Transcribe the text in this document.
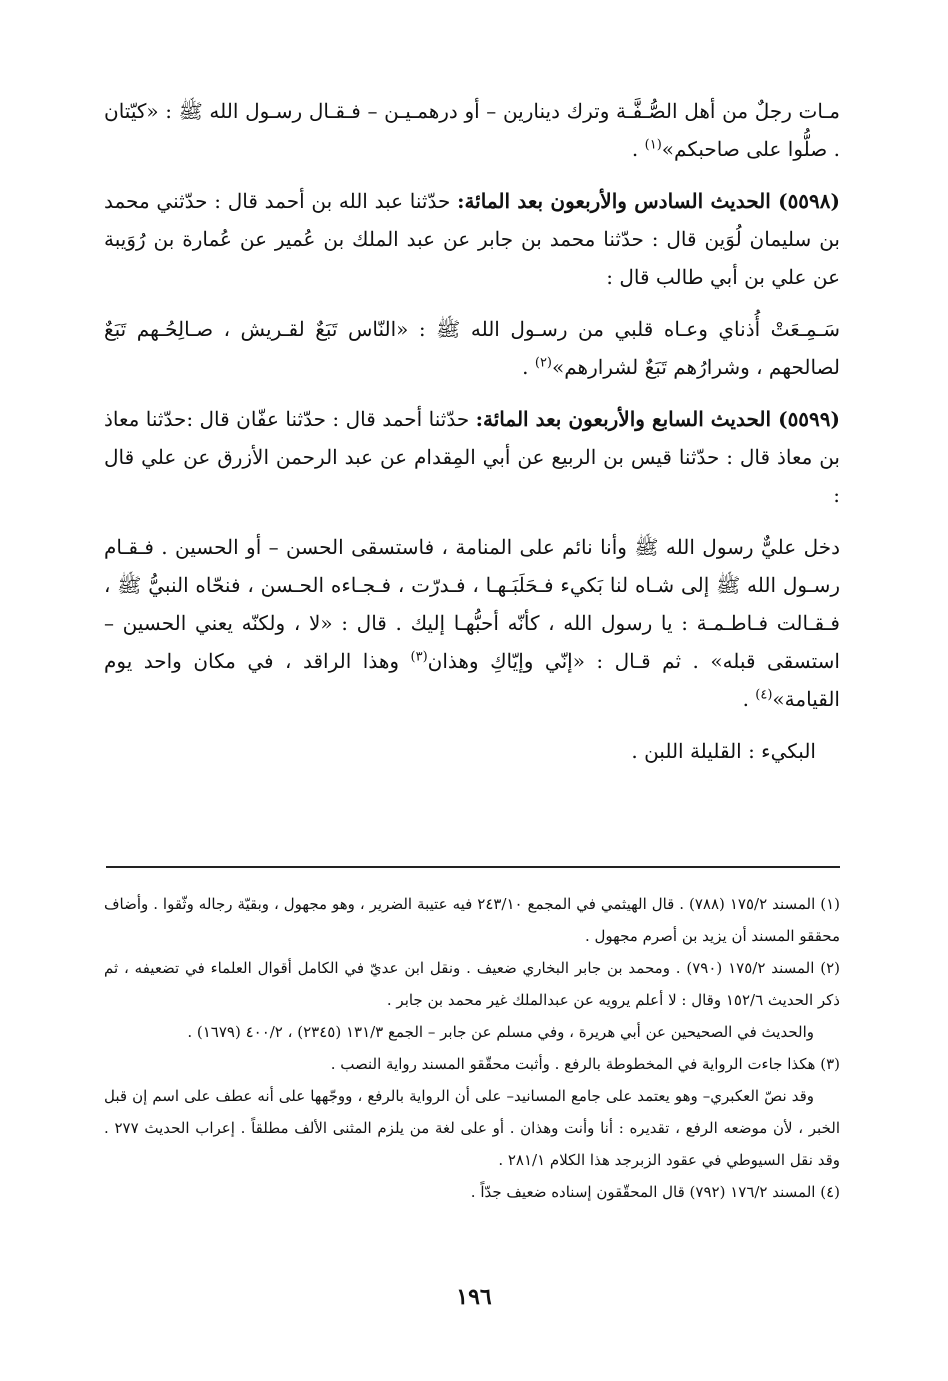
مـات رجلٌ من أهل الصُّـفَّـة وترك دينارين – أو درهمـيـن – فـقـال رسـول الله ﷺ : «كيّتان . صلُّوا على صاحبكم»$^{(١)}$ .

(٥٥٩٨) الحديث السادس والأربعون بعد المائة: حدّثنا عبد الله بن أحمد قال : حدّثني محمد بن سليمان لُوَين قال : حدّثنا محمد بن جابر عن عبد الملك بن عُمير عن عُمارة بن رُوَيبة عن علي بن أبي طالب قال :

سَـمِـعَتْ أُذناي وعـاه قلبي من رسـول الله ﷺ : «النّاس تَبَعٌ لقـريش ، صـالِحُـهم تَبَعٌ لصالحهم ، وشرارُهم تَبَعٌ لشرارهم»$^{(٢)}$ .

(٥٥٩٩) الحديث السابع والأربعون بعد المائة: حدّثنا أحمد قال : حدّثنا عفّان قال :حدّثنا معاذ بن معاذ قال : حدّثنا قيس بن الربيع عن أبي المِقدام عن عبد الرحمن الأزرق عن علي قال :

دخل عليٌّ رسول الله ﷺ وأنا نائم على المنامة ، فاستسقى الحسن – أو الحسين . فـقـام رسـول الله ﷺ إلى شـاه لنا بَكيء فـحَلَبَـهـا ، فـدرّت ، فـجـاءه الحـسن ، فنحّاه النبيُّ ﷺ ، فـقـالت فـاطـمـة : يا رسول الله ، كأنّه أحبُّهـا إليك . قال : «لا ، ولكنّه يعني الحسين – استسقى قبله» . ثم قـال : «إنّي وإيّاكِ وهذان$^{(٣)}$ وهذا الراقد ، في مكان واحد يوم القيامة»$^{(٤)}$ .

البكيء : القليلة اللبن .

(١) المسند ١٧٥/٢ (٧٨٨) . قال الهيثمي في المجمع ٢٤٣/١٠ فيه عتيبة الضرير ، وهو مجهول ، وبقيّة رجاله وثّقوا . وأضاف محققو المسند أن يزيد بن أصرم مجهول .

(٢) المسند ١٧٥/٢ (٧٩٠) . ومحمد بن جابر البخاري ضعيف . ونقل ابن عديّ في الكامل أقوال العلماء في تضعيفه ، ثم ذكر الحديث ١٥٢/٦ وقال : لا أعلم يرويه عن عبدالملك غير محمد بن جابر .

والحديث في الصحيحين عن أبي هريرة ، وفي مسلم عن جابر – الجمع ١٣١/٣ (٢٣٤٥) ، ٤٠٠/٢ (١٦٧٩) .

(٣) هكذا جاءت الرواية في المخطوطة بالرفع . وأثبت محقّقو المسند رواية النصب .

وقد نصّ العكبري– وهو يعتمد على جامع المسانيد– على أن الرواية بالرفع ، ووجّهها على أنه عطف على اسم إن قبل الخبر ، لأن موضعه الرفع ، تقديره : أنا وأنت وهذان . أو على لغة من يلزم المثنى الألف مطلقاً . إعراب الحديث ٢٧٧ . وقد نقل السيوطي في عقود الزبرجد هذا الكلام ٢٨١/١ .

(٤) المسند ١٧٦/٢ (٧٩٢) قال المحقّقون إسناده ضعيف جدّاً .

١٩٦
